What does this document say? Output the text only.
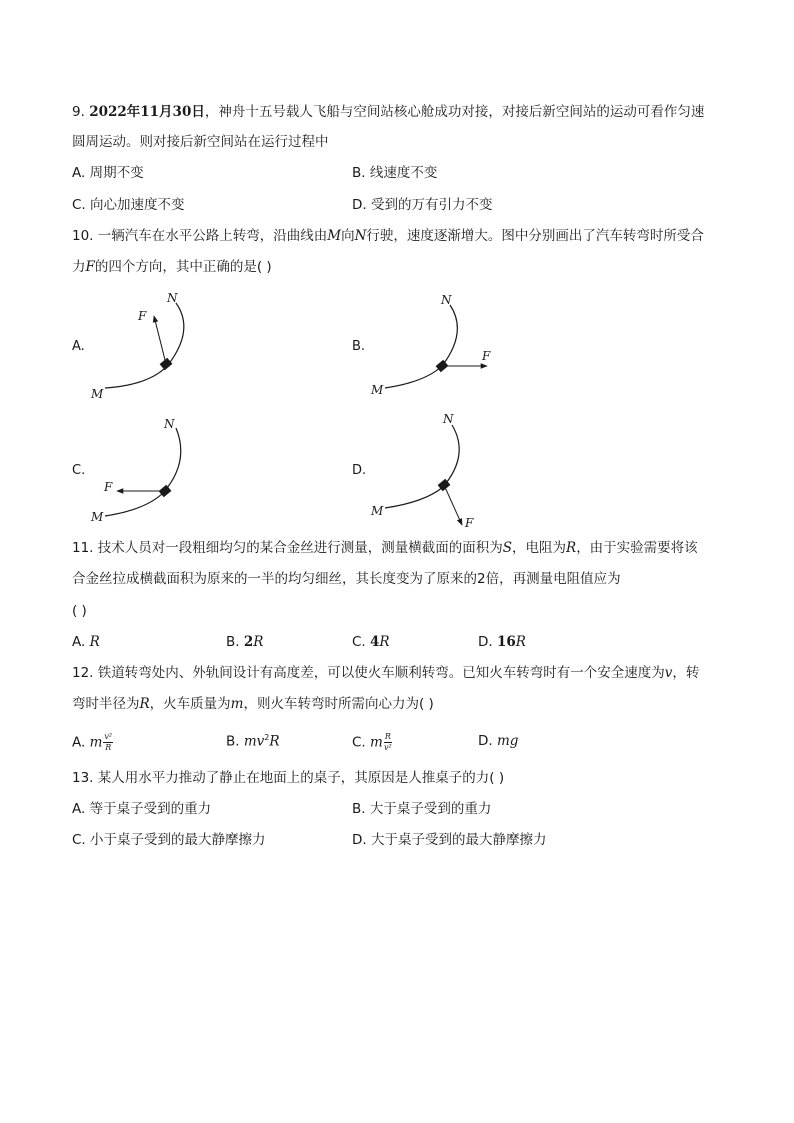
9. 2022年11月30日，神舟十五号载人飞船与空间站核心舱成功对接，对接后新空间站的运动可看作匀速
圆周运动。则对接后新空间站在运行过程中
A. 周期不变	B. 线速度不变
C. 向心加速度不变	D. 受到的万有引力不变
10. 一辆汽车在水平公路上转弯，沿曲线由M向N行驶，速度逐渐增大。图中分别画出了汽车转弯时所受合
力F的四个方向，其中正确的是( )
F
N
M
A.
F
N
M
B.
F
N
M
C.
F
N
M
D.
11. 技术人员对一段粗细均匀的某合金丝进行测量，测量横截面的面积为S，电阻为R，由于实验需要将该
合金丝拉成横截面积为原来的一半的均匀细丝，其长度变为了原来的2倍，再测量电阻值应为
( )
A. R	B. 2R	C. 4R	D. 16R
12. 铁道转弯处内、外轨间设计有高度差，可以使火车顺利转弯。已知火车转弯时有一个安全速度为v，转
弯时半径为R，火车质量为m，则火车转弯时所需向心力为( )
A. m $\frac{\text{v²}}{R}$	B. $mv^2R$	C. m $\frac{R}{\text{v²}}$	D. mg
13. 某人用水平力推动了静止在地面上的桌子，其原因是人推桌子的力( )
A. 等于桌子受到的重力	B. 大于桌子受到的重力
C. 小于桌子受到的最大静摩擦力	D. 大于桌子受到的最大静摩擦力
